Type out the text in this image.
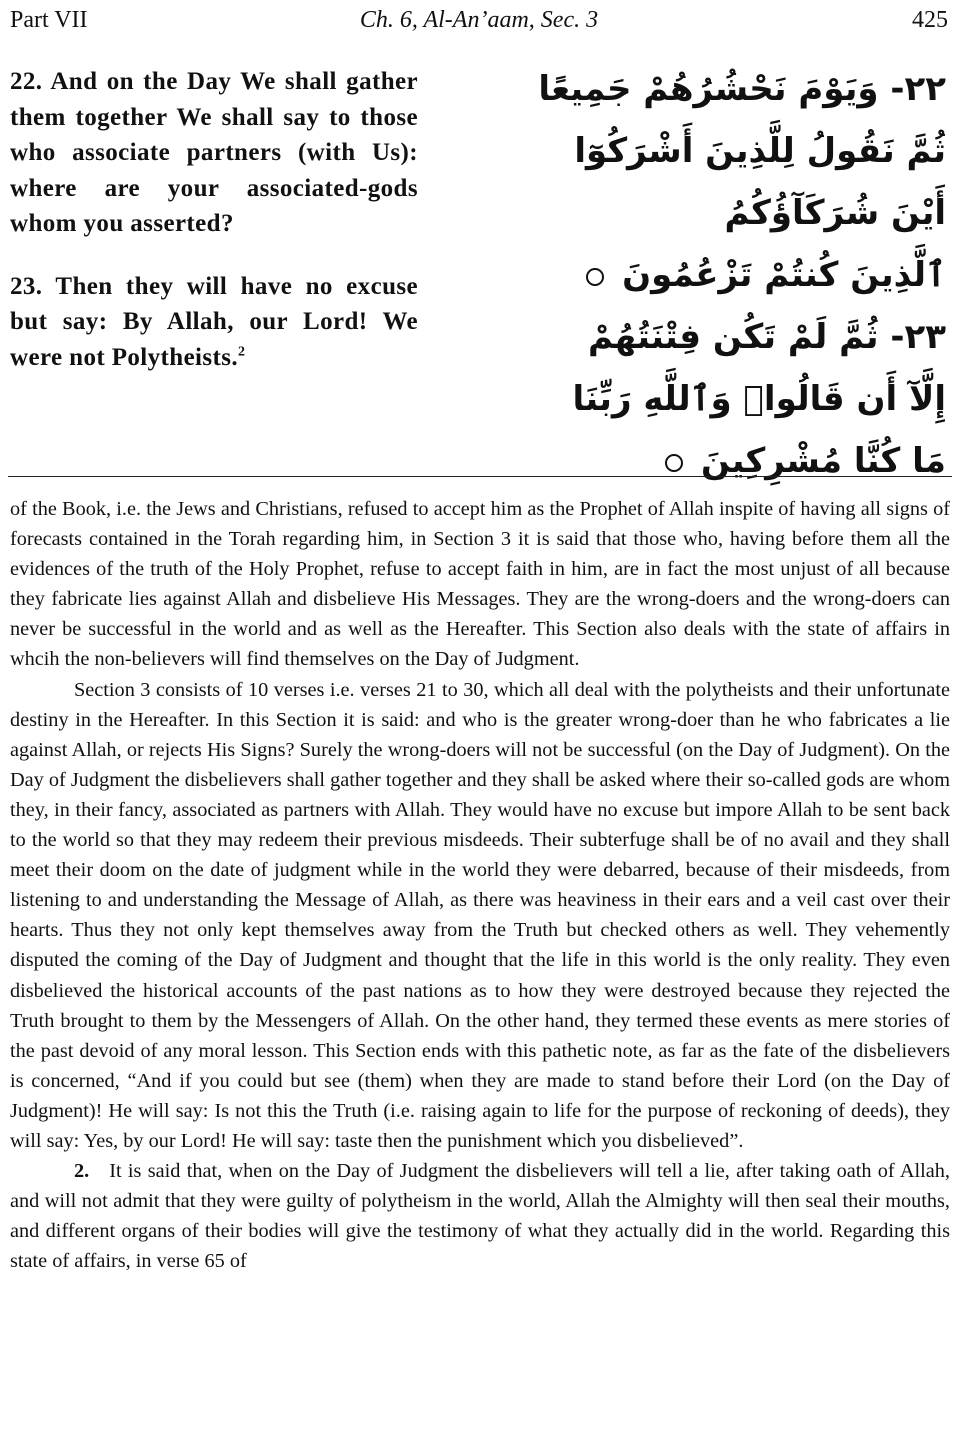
Part VII	Ch. 6, Al-An’aam, Sec. 3	425

22. And on the Day We shall gather them together We shall say to those who associate partners (with Us): where are your associated-gods whom you asserted?

23. Then they will have no excuse but say: By Allah, our Lord! We were not Polytheists.$^2$

٢٢- وَيَوْمَ نَحْشُرُهُمْ جَمِيعًا
ثُمَّ نَقُولُ لِلَّذِينَ أَشْرَكُوٓا
أَيْنَ شُرَكَآؤُكُمُ
ٱلَّذِينَ كُنتُمْ تَزْعُمُونَ
٢٣- ثُمَّ لَمْ تَكُن فِتْنَتُهُمْ
إِلَّآ أَن قَالُوا۟ وَٱللَّهِ رَبِّنَا
مَا كُنَّا مُشْرِكِينَ

of the Book, i.e. the Jews and Christians, refused to accept him as the Prophet of Allah inspite of having all signs of forecasts contained in the Torah regarding him, in Section 3 it is said that those who, having before them all the evidences of the truth of the Holy Prophet, refuse to accept faith in him, are in fact the most unjust of all because they fabricate lies against Allah and disbelieve His Messages. They are the wrong-doers and the wrong-doers can never be successful in the world and as well as the Hereafter. This Section also deals with the state of affairs in whcih the non-believers will find themselves on the Day of Judgment.

Section 3 consists of 10 verses i.e. verses 21 to 30, which all deal with the polytheists and their unfortunate destiny in the Hereafter. In this Section it is said: and who is the greater wrong-doer than he who fabricates a lie against Allah, or rejects His Signs? Surely the wrong-doers will not be successful (on the Day of Judgment). On the Day of Judgment the disbelievers shall gather together and they shall be asked where their so-called gods are whom they, in their fancy, associated as partners with Allah. They would have no excuse but impore Allah to be sent back to the world so that they may redeem their previous misdeeds. Their subterfuge shall be of no avail and they shall meet their doom on the date of judgment while in the world they were debarred, because of their misdeeds, from listening to and understanding the Message of Allah, as there was heaviness in their ears and a veil cast over their hearts. Thus they not only kept themselves away from the Truth but checked others as well. They vehemently disputed the coming of the Day of Judgment and thought that the life in this world is the only reality. They even disbelieved the historical accounts of the past nations as to how they were destroyed because they rejected the Truth brought to them by the Messengers of Allah. On the other hand, they termed these events as mere stories of the past devoid of any moral lesson. This Section ends with this pathetic note, as far as the fate of the disbelievers is concerned, “And if you could but see (them) when they are made to stand before their Lord (on the Day of Judgment)! He will say: Is not this the Truth (i.e. raising again to life for the purpose of reckoning of deeds), they will say: Yes, by our Lord! He will say: taste then the punishment which you disbelieved”.

2. It is said that, when on the Day of Judgment the disbelievers will tell a lie, after taking oath of Allah, and will not admit that they were guilty of polytheism in the world, Allah the Almighty will then seal their mouths, and different organs of their bodies will give the testimony of what they actually did in the world. Regarding this state of affairs, in verse 65 of
